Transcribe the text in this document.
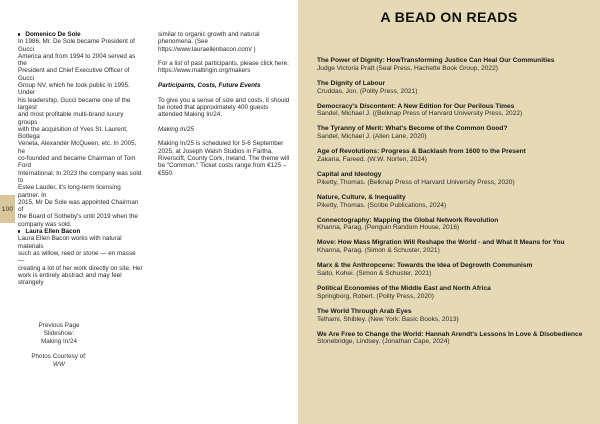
100
Domenico De Sole
In 1986, Mr. De Sole became President of Gucci
America and from 1994 to 2004 served as the
President and Chief Executive Officer of Gucci
Group NV, which he took public in 1995. Under
his leadership, Gucci became one of the largest
and most profitable multi-brand luxury groups
with the acquisition of Yves St. Laurent, Bottega
Veneta, Alexander McQueen, etc. In 2005, he
co-founded and became Chairman of Tom Ford
International. In 2023 the company was sold to
Estee Lauder, it's long-term licensing partner. In
2015, Mr De Sole was appointed Chairman of
the Board of Sotheby's until 2019 when the
company was sold.
Laura Ellen Bacon
Laura Ellen Bacon works with natural materials
such as willow, reed or stone — en masse —
creating a lot of her work directly on site. Her
work is entirely abstract and may feel strangely
similar to organic growth and natural
phenomena. (See
https://www.lauraellenbacon.com/ )
For a list of past participants, please click here:
https://www.maltingin.org/makers
Participants, Costs, Future Events
To give you a sense of size and costs, it should
be noted that approximately 400 guests
attended Making In/24.
Making In/25
Making In/25 is scheduled for 5-6 September
2025, at Joseph Walsh Studios in Fartha,
Riverscift, County Cork, Ireland. The theme will
be "Common." Ticket costs range from €125 –
€550.

Previous Page

Slideshow:

Making In/24

Photos Courtesy of:

WW

A BEAD ON READS
The Power of Dignity: HowTransforming Justice Can Heal Our Communities
Judge Victoria Pratt (Seal Press, Hachette Book Group, 2022)
The Dignity of Labour
Cruddas, Jon. (Polity Press, 2021)
Democracy's Discontent: A New Edition for Our Perilous Times
Sandel, Michael J. ((Belknap Press of Harvard University Press, 2022)
The Tyranny of Merit: What's Become of the Common Good?
Sandel, Michael J. (Allen Lane, 2020)
Age of Revolutions: Progress & Backlash from 1600 to the Present
Zakaria, Fareed. (W.W. Norten, 2024)
Capital and Ideology
Piketty, Thomas. (Belknap Press of Harvard University Press, 2020)
Nature, Culture, & Inequality
Piketty, Thomas. (Scribe Publications, 2024)
Connectography: Mapping the Global Network Revolution
Khanna, Parag. (Penguin Random House, 2016)
Move: How Mass Migration Will Reshape the World - and What It Means for You
Khanna, Parag. (Simon & Schuster, 2021)
Marx & the Anthropcene: Towards the Idea of Degrowth Communism
Saito, Kohei. (Simon & Schuster, 2021)
Political Economies of the Middle East and North Africa
Springborg, Robert. (Polity Press, 2020)
The World Through Arab Eyes
Telhami, Shibley. (New York: Basic Books, 2013)
We Are Free to Change the World: Hannah Arendt's Lessons In Love & Disobedience
Stonebridge, Lindsey. (Jonathan Cape, 2024)
